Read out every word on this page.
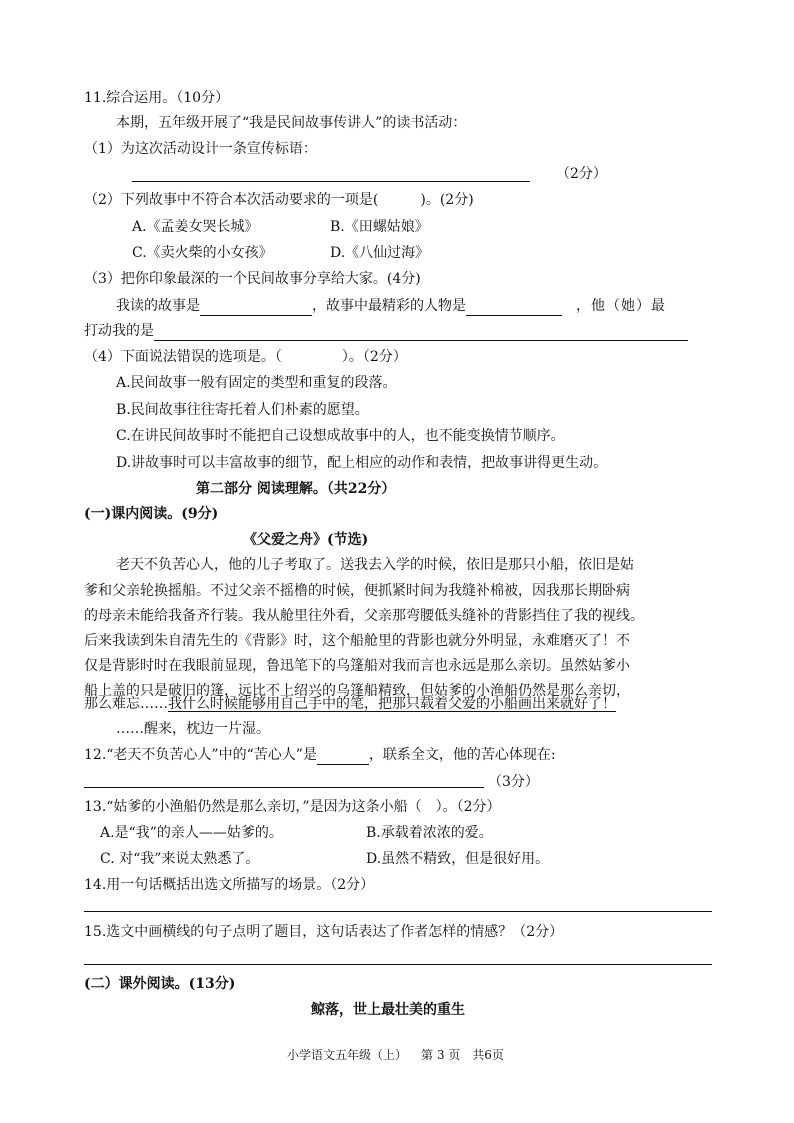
11.综合运用。（10分）
本期，五年级开展了“我是民间故事传讲人”的读书活动：
（1）为这次活动设计一条宣传标语：
（2分）
（2）下列故事中不符合本次活动要求的一项是(	)。(2分)
A.《孟姜女哭长城》	B.《田螺姑娘》
C.《卖火柴的小女孩》	D.《八仙过海》
（3）把你印象最深的一个民间故事分享给大家。(4分)
我读的故事是	，故事中最精彩的人物是	，他（她）最
打动我的是
（4）下面说法错误的选项是。（	）。（2分）
A.民间故事一般有固定的类型和重复的段落。
B.民间故事往往寄托着人们朴素的愿望。
C.在讲民间故事时不能把自己设想成故事中的人，也不能变换情节顺序。
D.讲故事时可以丰富故事的细节，配上相应的动作和表情，把故事讲得更生动。
第二部分 阅读理解。（共22分）
(一)课内阅读。(9分)
《父爱之舟》(节选)
老天不负苦心人，他的儿子考取了。送我去入学的时候，依旧是那只小船，依旧是姑
爹和父亲轮换摇船。不过父亲不摇橹的时候，便抓紧时间为我缝补棉被，因我那长期卧病
的母亲未能给我备齐行装。我从舱里往外看，父亲那弯腰低头缝补的背影挡住了我的视线。
后来我读到朱自清先生的《背影》时，这个船舱里的背影也就分外明显，永难磨灭了！不
仅是背影时时在我眼前显现，鲁迅笔下的乌篷船对我而言也永远是那么亲切。虽然姑爹小
船上盖的只是破旧的篷，远比不上绍兴的乌篷船精致，但姑爹的小渔船仍然是那么亲切，
那么难忘……我什么时候能够用自己手中的笔，把那只载着父爱的小船画出来就好了！
……醒来，枕边一片湿。
12.“老天不负苦心人”中的“苦心人”是	，联系全文，他的苦心体现在:
（3分）
13.“姑爹的小渔船仍然是那么亲切，”是因为这条小船（　）。（2分）
A.是“我”的亲人——姑爹的。	B.承载着浓浓的爱。
C. 对“我”来说太熟悉了。	D.虽然不精致，但是很好用。
14.用一句话概括出选文所描写的场景。（2分）
15.选文中画横线的句子点明了题目，这句话表达了作者怎样的情感？（2分）
(二）课外阅读。(13分)
鲸落，世上最壮美的重生
小学语文五年级（上） 第 3 页 共6页
